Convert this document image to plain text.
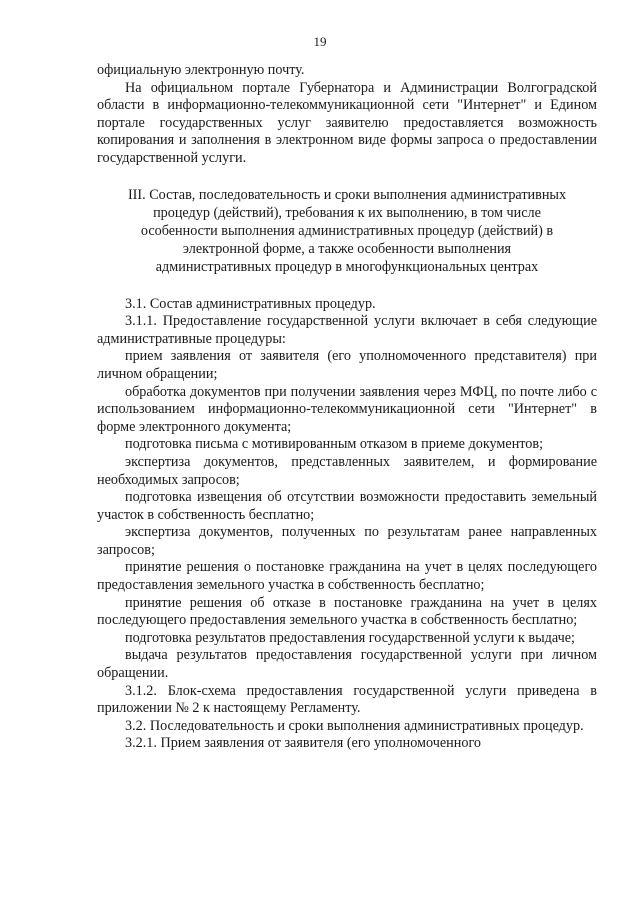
19

официальную электронную почту.

На официальном портале Губернатора и Администрации Волгоградской области в информационно-телекоммуникационной сети "Интернет" и Едином портале государственных услуг заявителю предоставляется возможность копирования и заполнения в электронном виде формы запроса о предоставлении государственной услуги.

III. Состав, последовательность и сроки выполнения административных процедур (действий), требования к их выполнению, в том числе особенности выполнения административных процедур (действий) в электронной форме, а также особенности выполнения административных процедур в многофункциональных центрах

3.1. Состав административных процедур.

3.1.1. Предоставление государственной услуги включает в себя следующие административные процедуры:

прием заявления от заявителя (его уполномоченного представителя) при личном обращении;

обработка документов при получении заявления через МФЦ, по почте либо с использованием информационно-телекоммуникационной сети "Интернет" в форме электронного документа;

подготовка письма с мотивированным отказом в приеме документов;

экспертиза документов, представленных заявителем, и формирование необходимых запросов;

подготовка извещения об отсутствии возможности предоставить земельный участок в собственность бесплатно;

экспертиза документов, полученных по результатам ранее направленных запросов;

принятие решения о постановке гражданина на учет в целях последующего предоставления земельного участка в собственность бесплатно;

принятие решения об отказе в постановке гражданина на учет в целях последующего предоставления земельного участка в собственность бесплатно;

подготовка результатов предоставления государственной услуги к выдаче;

выдача результатов предоставления государственной услуги при личном обращении.

3.1.2. Блок-схема предоставления государственной услуги приведена в приложении № 2 к настоящему Регламенту.

3.2. Последовательность и сроки выполнения административных процедур.

3.2.1. Прием заявления от заявителя (его уполномоченного
